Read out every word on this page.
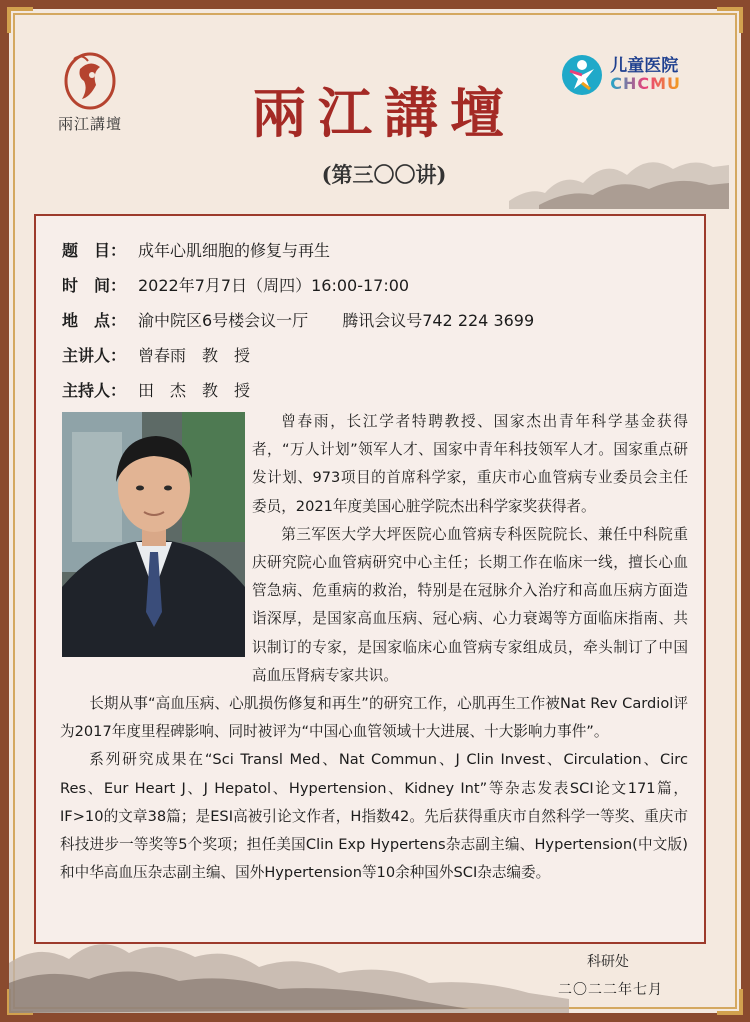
兩江講壇
儿童医院
CHCMU
兩江講壇
(第三〇〇讲)
题　目： 成年心肌细胞的修复与再生
时　间： 2022年7月7日（周四）16:00-17:00
地　点： 渝中院区6号楼会议一厅 腾讯会议号742 224 3699
主讲人： 曾春雨　教　授
主持人： 田　杰　教　授

曾春雨，长江学者特聘教授、国家杰出青年科学基金获得者，“万人计划”领军人才、国家中青年科技领军人才。国家重点研发计划、973项目的首席科学家，重庆市心血管病专业委员会主任委员，2021年度美国心脏学院杰出科学家奖获得者。

第三军医大学大坪医院心血管病专科医院院长、兼任中科院重庆研究院心血管病研究中心主任；长期工作在临床一线，擅长心血管急病、危重病的救治，特别是在冠脉介入治疗和高血压病方面造诣深厚，是国家高血压病、冠心病、心力衰竭等方面临床指南、共识制订的专家，是国家临床心血管病专家组成员，牵头制订了中国高血压肾病专家共识。

长期从事“高血压病、心肌损伤修复和再生”的研究工作，心肌再生工作被Nat Rev Cardiol评为2017年度里程碑影响、同时被评为“中国心血管领域十大进展、十大影响力事件”。

系列研究成果在“Sci Transl Med、Nat Commun、J Clin Invest、Circulation、Circ Res、Eur Heart J、J Hepatol、Hypertension、Kidney Int”等杂志发表SCI论文171篇，IF>10的文章38篇；是ESI高被引论文作者，H指数42。先后获得重庆市自然科学一等奖、重庆市科技进步一等奖等5个奖项；担任美国Clin Exp Hypertens杂志副主编、Hypertension(中文版)和中华高血压杂志副主编、国外Hypertension等10余种国外SCI杂志编委。

科研处
二〇二二年七月
